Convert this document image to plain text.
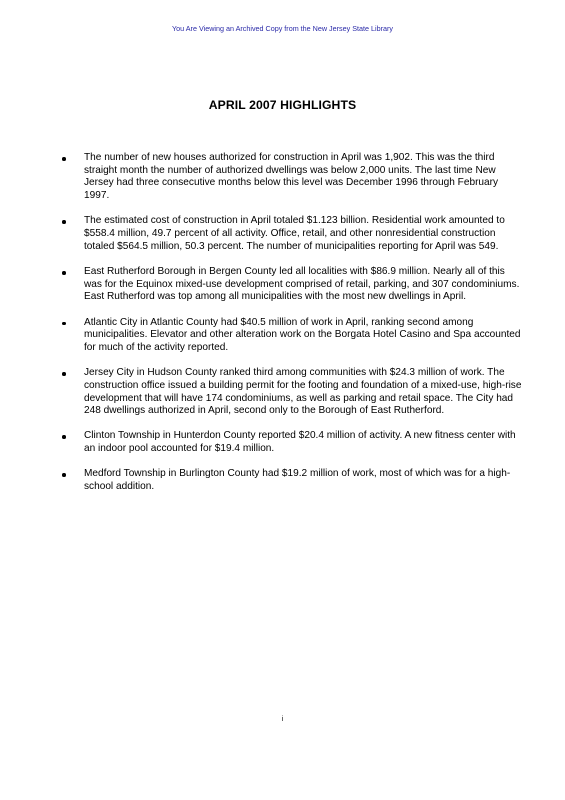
You Are Viewing an Archived Copy from the New Jersey State Library
APRIL 2007 HIGHLIGHTS
The number of new houses authorized for construction in April was 1,902. This was the third straight month the number of authorized dwellings was below 2,000 units. The last time New Jersey had three consecutive months below this level was December 1996 through February 1997.
The estimated cost of construction in April totaled $1.123 billion. Residential work amounted to $558.4 million, 49.7 percent of all activity. Office, retail, and other nonresidential construction totaled $564.5 million, 50.3 percent. The number of municipalities reporting for April was 549.
East Rutherford Borough in Bergen County led all localities with $86.9 million. Nearly all of this was for the Equinox mixed-use development comprised of retail, parking, and 307 condominiums. East Rutherford was top among all municipalities with the most new dwellings in April.
Atlantic City in Atlantic County had $40.5 million of work in April, ranking second among municipalities. Elevator and other alteration work on the Borgata Hotel Casino and Spa accounted for much of the activity reported.
Jersey City in Hudson County ranked third among communities with $24.3 million of work. The construction office issued a building permit for the footing and foundation of a mixed-use, high-rise development that will have 174 condominiums, as well as parking and retail space. The City had 248 dwellings authorized in April, second only to the Borough of East Rutherford.
Clinton Township in Hunterdon County reported $20.4 million of activity. A new fitness center with an indoor pool accounted for $19.4 million.
Medford Township in Burlington County had $19.2 million of work, most of which was for a high-school addition.
i
